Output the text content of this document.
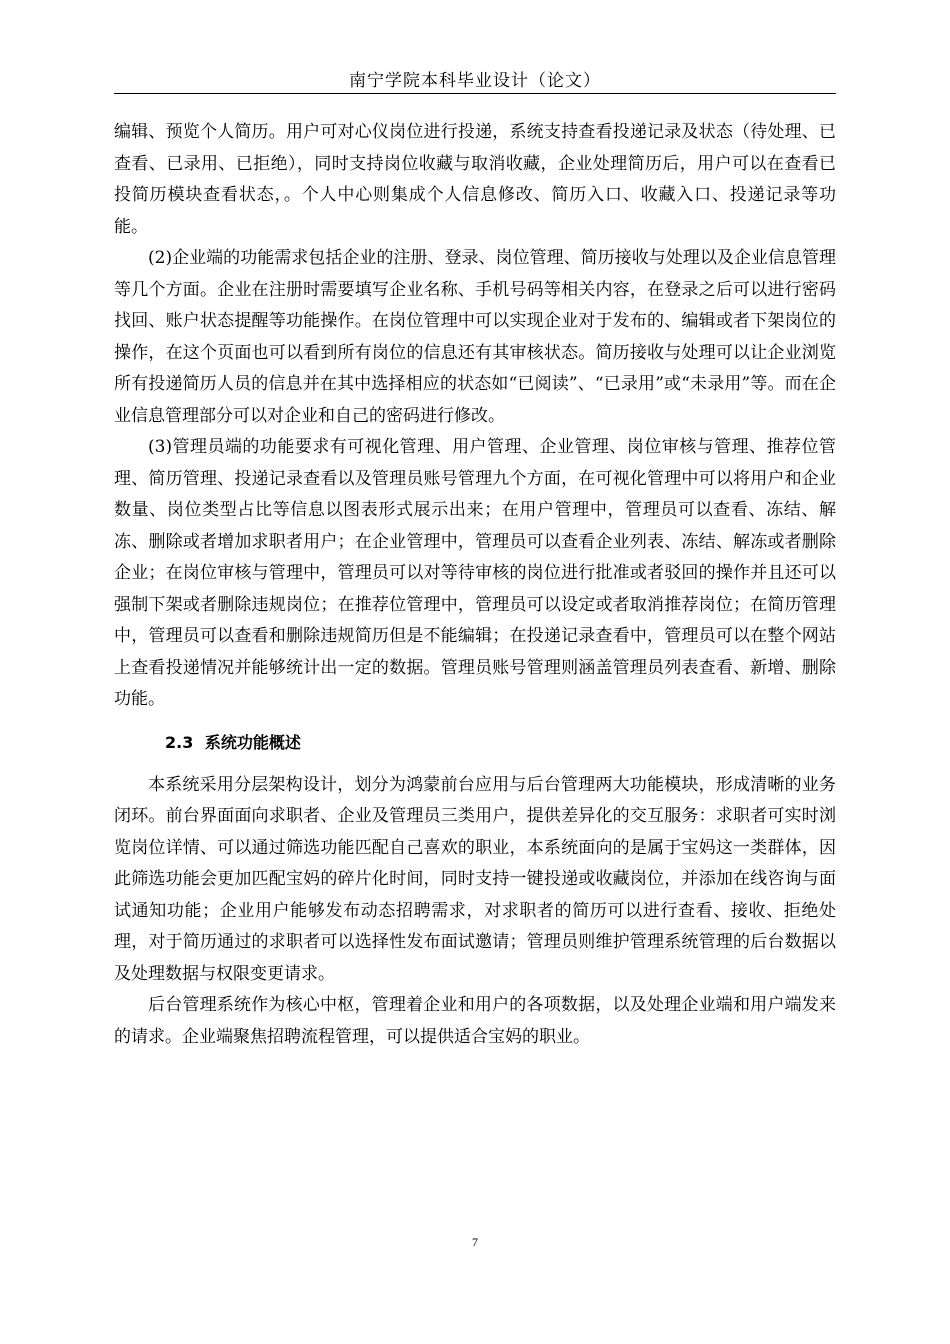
南宁学院本科毕业设计（论文）

编辑、预览个人简历。用户可对心仪岗位进行投递，系统支持查看投递记录及状态（待处理、已查看、已录用、已拒绝），同时支持岗位收藏与取消收藏，企业处理简历后，用户可以在查看已投简历模块查看状态，。个人中心则集成个人信息修改、简历入口、收藏入口、投递记录等功能。

(2)企业端的功能需求包括企业的注册、登录、岗位管理、简历接收与处理以及企业信息管理等几个方面。企业在注册时需要填写企业名称、手机号码等相关内容，在登录之后可以进行密码找回、账户状态提醒等功能操作。在岗位管理中可以实现企业对于发布的、编辑或者下架岗位的操作，在这个页面也可以看到所有岗位的信息还有其审核状态。简历接收与处理可以让企业浏览所有投递简历人员的信息并在其中选择相应的状态如“已阅读”、“已录用”或“未录用”等。而在企业信息管理部分可以对企业和自己的密码进行修改。

(3)管理员端的功能要求有可视化管理、用户管理、企业管理、岗位审核与管理、推荐位管理、简历管理、投递记录查看以及管理员账号管理九个方面，在可视化管理中可以将用户和企业数量、岗位类型占比等信息以图表形式展示出来；在用户管理中，管理员可以查看、冻结、解冻、删除或者增加求职者用户；在企业管理中，管理员可以查看企业列表、冻结、解冻或者删除企业；在岗位审核与管理中，管理员可以对等待审核的岗位进行批准或者驳回的操作并且还可以强制下架或者删除违规岗位；在推荐位管理中，管理员可以设定或者取消推荐岗位；在简历管理中，管理员可以查看和删除违规简历但是不能编辑；在投递记录查看中，管理员可以在整个网站上查看投递情况并能够统计出一定的数据。管理员账号管理则涵盖管理员列表查看、新增、删除功能。

2.3 系统功能概述

本系统采用分层架构设计，划分为鸿蒙前台应用与后台管理两大功能模块，形成清晰的业务闭环。前台界面面向求职者、企业及管理员三类用户，提供差异化的交互服务：求职者可实时浏览岗位详情、可以通过筛选功能匹配自己喜欢的职业，本系统面向的是属于宝妈这一类群体，因此筛选功能会更加匹配宝妈的碎片化时间，同时支持一键投递或收藏岗位，并添加在线咨询与面试通知功能；企业用户能够发布动态招聘需求，对求职者的简历可以进行查看、接收、拒绝处理，对于简历通过的求职者可以选择性发布面试邀请；管理员则维护管理系统管理的后台数据以及处理数据与权限变更请求。

后台管理系统作为核心中枢，管理着企业和用户的各项数据，以及处理企业端和用户端发来的请求。企业端聚焦招聘流程管理，可以提供适合宝妈的职业。

7
